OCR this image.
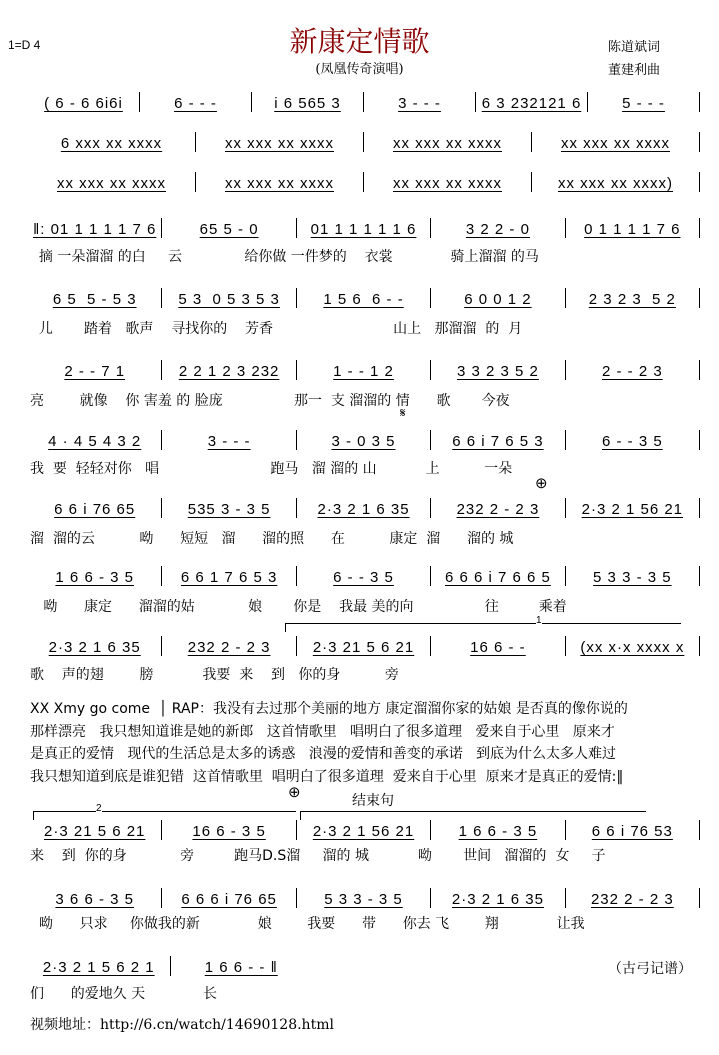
1=D 4	新康定情歌
(凤凰传奇演唱)
陈道斌词
董建利曲
( 6 - 6 6i6i	6 - - -	i 6 565 3	3 - - -	6 3 232121 6	5 - - -
6 xxx xx xxxx	xx xxx xx xxxx	xx xxx xx xxxx	xx xxx xx xxxx
xx xxx xx xxxx	xx xxx xx xxxx	xx xxx xx xxxx	xx xxx xx xxxx)
‖: 01 1 1 1 1 7 6	65 5 - 0	01 1 1 1 1 1 6	3 2 2 - 0	0 1 1 1 1 7 6
摘 一朵溜溜 的白     云              给你做 一件梦的    衣裳             骑上溜溜 的马
6 5  5 - 5 3	5 3  0 5 3 5 3	1 5 6  6 - -	6 0 0 1 2	2 3 2 3  5 2
儿       踏着   歌声    寻找你的    芳香                           山上   那溜溜  的  月
2 - - 7 1	2 2 1 2 3 232	1 - - 1 2	3 3 2 3 5 2	2 - - 2 3
亮        就像    你 害羞 的 脸庞                那一  支 溜溜的 情      歌       今夜
4 · 4 5 4 3 2	3 - - -	3 - 0 3 5	6 6 i 7 6 5 3	6 - - 3 5
我  要  轻轻对你   唱                         跑马   溜 溜的 山           上          一朵
6 6 i 76 65	535 3 - 3 5	2·3 2 1 6 35	232 2 - 2 3	2·3 2 1 56 21
溜  溜的云          呦      短短   溜      溜的照      在          康定  溜      溜的 城
1 6 6 - 3 5	6 6 1 7 6 5 3	6 - - 3 5	6 6 6 i 7 6 6 5	5 3 3 - 3 5
呦      康定      溜溜的姑            娘       你是    我最 美的向                往         乘着
2·3 2 1 6 35	232 2 - 2 3	2·3 21 5 6 21	16 6 - -	(xx x·x xxxx x
歌    声的翅        膀           我要  来    到   你的身          旁
2·3 21 5 6 21	16 6 - 3 5	2·3 2 1 56 21	1 6 6 - 3 5	6 6 i 76 53
来    到  你的身            旁         跑马D.S溜     溜的 城           呦       世间   溜溜的  女     子
3 6 6 - 3 5	6 6 6 i 76 65	5 3 3 - 3 5	2·3 2 1 6 35	232 2 - 2 3
呦      只求     你做我的新             娘        我要      带      你去 飞        翔             让我
2·3 2 1 5 6 2 1	1 6 6 - - ‖
们      的爱地久 天             长
𝄋
⊕
1
XX Xmy go come  │ RAP：我没有去过那个美丽的地方 康定溜溜你家的姑娘 是否真的像你说的
那样漂亮   我只想知道谁是她的新郎   这首情歌里   唱明白了很多道理   爱来自于心里   原来才
是真正的爱情   现代的生活总是太多的诱惑   浪漫的爱情和善变的承诺   到底为什么太多人难过
我只想知道到底是谁犯错  这首情歌里  唱明白了很多道理  爱来自于心里  原来才是真正的爱情:‖
⊕	结束句
2
（古弓记谱）
视频地址：http://6.cn/watch/14690128.html
